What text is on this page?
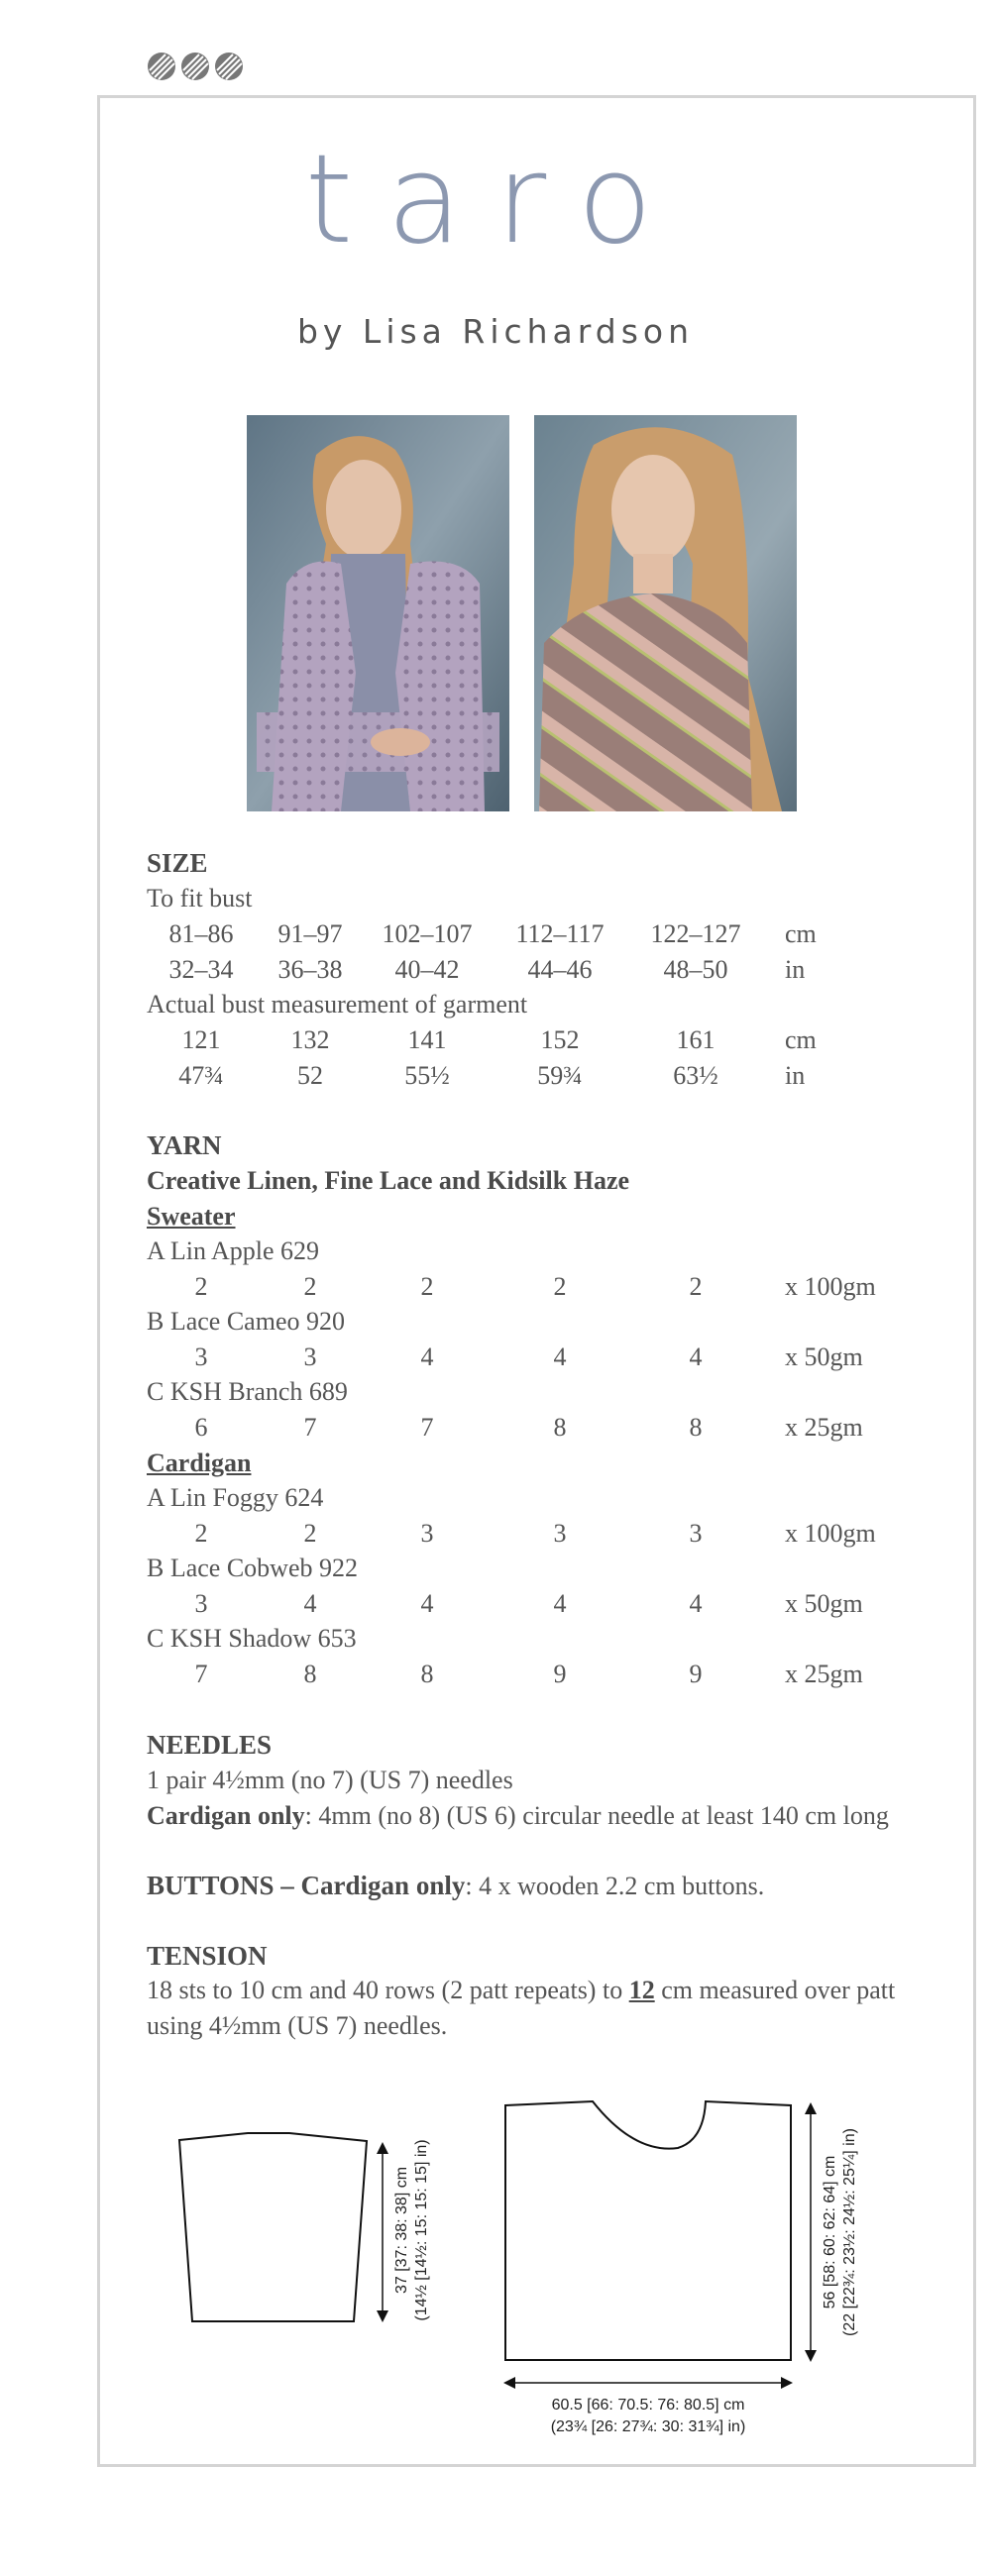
taro
by Lisa Richardson
SIZE
To fit bust
81–86	91–97	102–107	112–117	122–127	cm
32–34	36–38	40–42	44–46	48–50	in
Actual bust measurement of garment
121	132	141	152	161	cm
47¾	52	55½	59¾	63½	in
YARN
Creative Linen, Fine Lace and Kidsilk Haze
Sweater
A Lin Apple 629
2	2	2	2	2	x 100gm
B Lace Cameo 920
3	3	4	4	4	x 50gm
C KSH Branch 689
6	7	7	8	8	x 25gm
Cardigan
A Lin Foggy 624
2	2	3	3	3	x 100gm
B Lace Cobweb 922
3	4	4	4	4	x 50gm
C KSH Shadow 653
7	8	8	9	9	x 25gm
NEEDLES
1 pair 4½mm (no 7) (US 7) needles
Cardigan only: 4mm (no 8) (US 6) circular needle at least 140 cm long
BUTTONS – Cardigan only: 4 x wooden 2.2 cm buttons.
TENSION
18 sts to 10 cm and 40 rows (2 patt repeats) to 12 cm measured over patt using 4½mm (US 7) needles.
37 [37: 38: 38] cm (14½ [14½: 15: 15: 15] in)	56 [58: 60: 62: 64] cm (22 [22¾: 23½: 24½: 25¼] in)
60.5 [66: 70.5: 76: 80.5] cm
(23¾ [26: 27¾: 30: 31¾] in)
